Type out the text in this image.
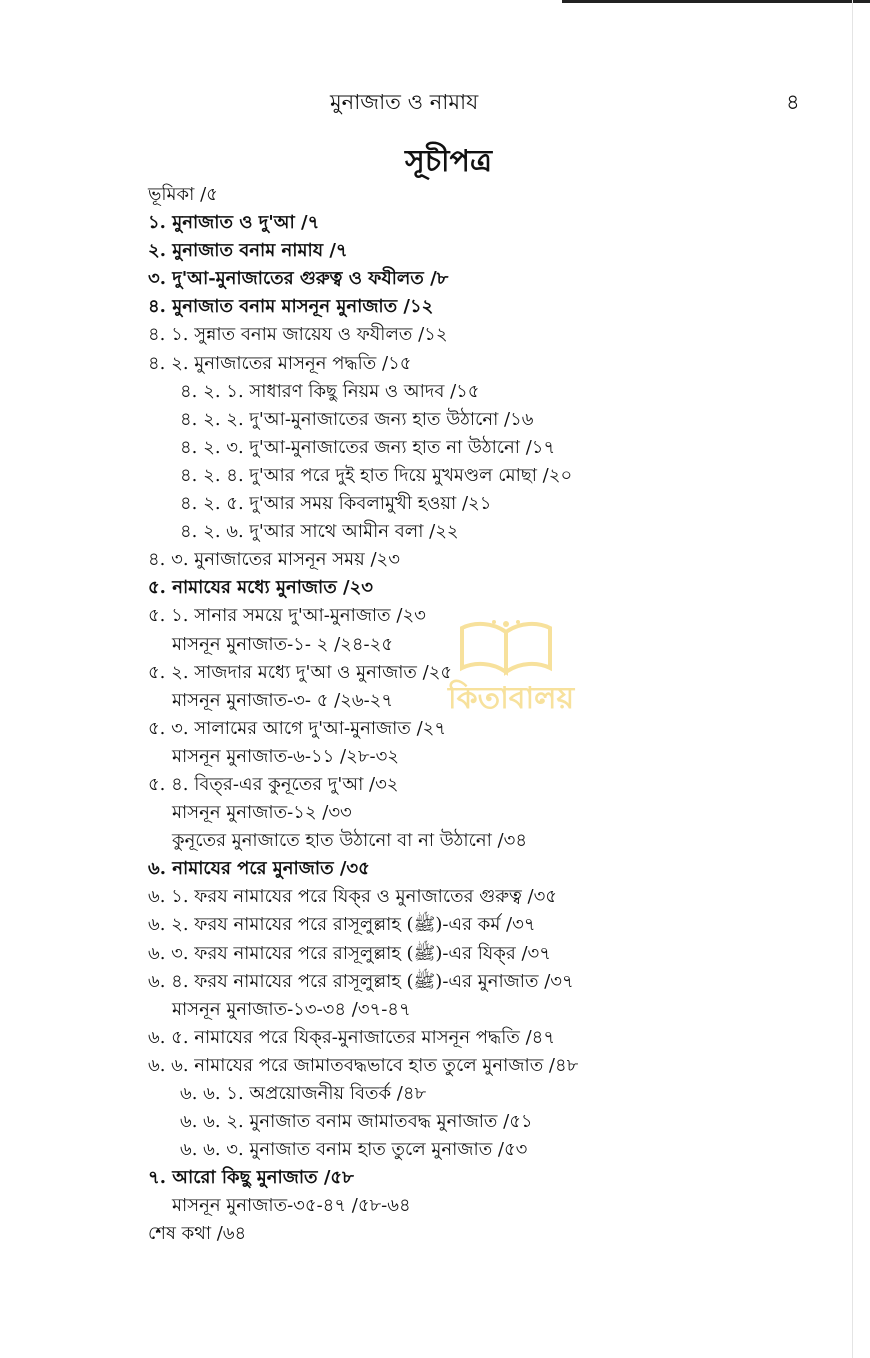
মুনাজাত ও নামায	৪
সূচীপত্র
ভূমিকা /৫
১. মুনাজাত ও দু'আ /৭
২. মুনাজাত বনাম নামায /৭
৩. দু'আ-মুনাজাতের গুরুত্ব ও ফযীলত /৮
৪. মুনাজাত বনাম মাসনূন মুনাজাত /১২
৪. ১. সুন্নাত বনাম জায়েয ও ফযীলত /১২
৪. ২. মুনাজাতের মাসনূন পদ্ধতি /১৫
৪. ২. ১. সাধারণ কিছু নিয়ম ও আদব /১৫
৪. ২. ২. দু'আ-মুনাজাতের জন্য হাত উঠানো /১৬
৪. ২. ৩. দু'আ-মুনাজাতের জন্য হাত না উঠানো /১৭
৪. ২. ৪. দু'আর পরে দুই হাত দিয়ে মুখমণ্ডল মোছা /২০
৪. ২. ৫. দু'আর সময় কিবলামুখী হওয়া /২১
৪. ২. ৬. দু'আর সাথে আমীন বলা /২২
৪. ৩. মুনাজাতের মাসনূন সময় /২৩
৫. নামাযের মধ্যে মুনাজাত /২৩
৫. ১. সানার সময়ে দু'আ-মুনাজাত /২৩
মাসনূন মুনাজাত-১- ২ /২৪-২৫
৫. ২. সাজদার মধ্যে দু'আ ও মুনাজাত /২৫
মাসনূন মুনাজাত-৩- ৫ /২৬-২৭
৫. ৩. সালামের আগে দু'আ-মুনাজাত /২৭
মাসনূন মুনাজাত-৬-১১ /২৮-৩২
৫. ৪. বিত্‌র-এর কুনূতের দু'আ /৩২
মাসনূন মুনাজাত-১২ /৩৩
কুনূতের মুনাজাতে হাত উঠানো বা না উঠানো /৩৪
৬. নামাযের পরে মুনাজাত /৩৫
৬. ১. ফরয নামাযের পরে যিক্‌র ও মুনাজাতের গুরুত্ব /৩৫
৬. ২. ফরয নামাযের পরে রাসূলুল্লাহ (ﷺ)-এর কর্ম /৩৭
৬. ৩. ফরয নামাযের পরে রাসূলুল্লাহ (ﷺ)-এর যিক্‌র /৩৭
৬. ৪. ফরয নামাযের পরে রাসূলুল্লাহ (ﷺ)-এর মুনাজাত /৩৭
মাসনূন মুনাজাত-১৩-৩৪ /৩৭-৪৭
৬. ৫. নামাযের পরে যিক্‌র-মুনাজাতের মাসনূন পদ্ধতি /৪৭
৬. ৬. নামাযের পরে জামাতবদ্ধভাবে হাত তুলে মুনাজাত /৪৮
৬. ৬. ১. অপ্রয়োজনীয় বিতর্ক /৪৮
৬. ৬. ২. মুনাজাত বনাম জামাতবদ্ধ মুনাজাত /৫১
৬. ৬. ৩. মুনাজাত বনাম হাত তুলে মুনাজাত /৫৩
৭. আরো কিছু মুনাজাত /৫৮
মাসনূন মুনাজাত-৩৫-৪৭ /৫৮-৬৪
শেষ কথা /৬৪
কিতাবালয়
